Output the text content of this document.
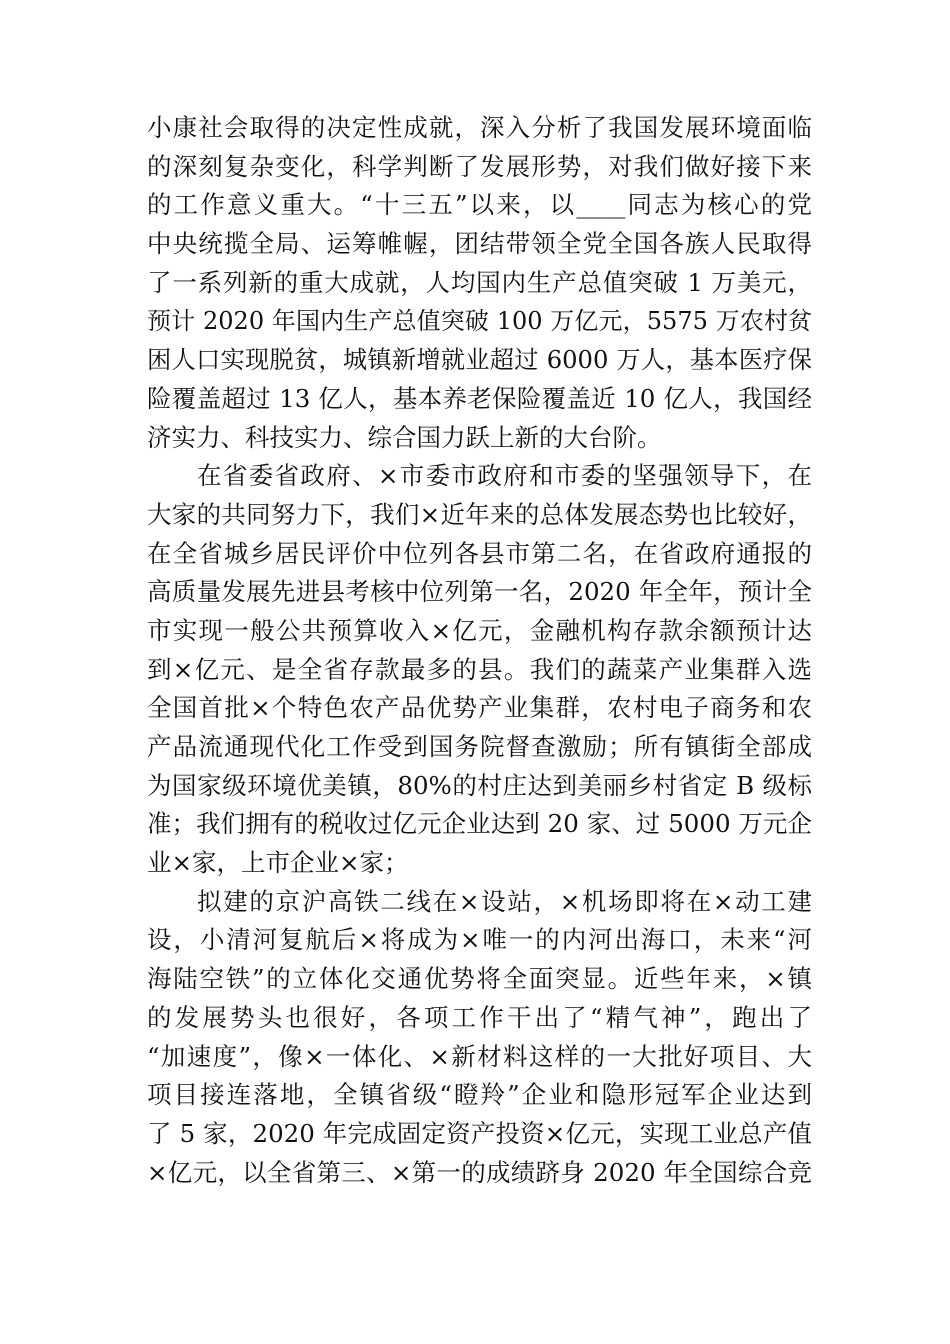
小康社会取得的决定性成就，深入分析了我国发展环境面临
的深刻复杂变化，科学判断了发展形势，对我们做好接下来
的工作意义重大。“十三五”以来，以____同志为核心的党
中央统揽全局、运筹帷幄，团结带领全党全国各族人民取得
了一系列新的重大成就，人均国内生产总值突破 1 万美元，
预计 2020 年国内生产总值突破 100 万亿元，5575 万农村贫
困人口实现脱贫，城镇新增就业超过 6000 万人，基本医疗保
险覆盖超过 13 亿人，基本养老保险覆盖近 10 亿人，我国经
济实力、科技实力、综合国力跃上新的大台阶。
在省委省政府、×市委市政府和市委的坚强领导下，在
大家的共同努力下，我们×近年来的总体发展态势也比较好，
在全省城乡居民评价中位列各县市第二名，在省政府通报的
高质量发展先进县考核中位列第一名，2020 年全年，预计全
市实现一般公共预算收入×亿元，金融机构存款余额预计达
到×亿元、是全省存款最多的县。我们的蔬菜产业集群入选
全国首批×个特色农产品优势产业集群，农村电子商务和农
产品流通现代化工作受到国务院督查激励；所有镇街全部成
为国家级环境优美镇，80%的村庄达到美丽乡村省定 B 级标
准；我们拥有的税收过亿元企业达到 20 家、过 5000 万元企
业×家，上市企业×家；
拟建的京沪高铁二线在×设站，×机场即将在×动工建
设，小清河复航后×将成为×唯一的内河出海口，未来“河
海陆空铁”的立体化交通优势将全面突显。近些年来，×镇
的发展势头也很好，各项工作干出了“精气神”，跑出了
“加速度”，像×一体化、×新材料这样的一大批好项目、大
项目接连落地，全镇省级“瞪羚”企业和隐形冠军企业达到
了 5 家，2020 年完成固定资产投资×亿元，实现工业总产值
×亿元，以全省第三、×第一的成绩跻身 2020 年全国综合竞
